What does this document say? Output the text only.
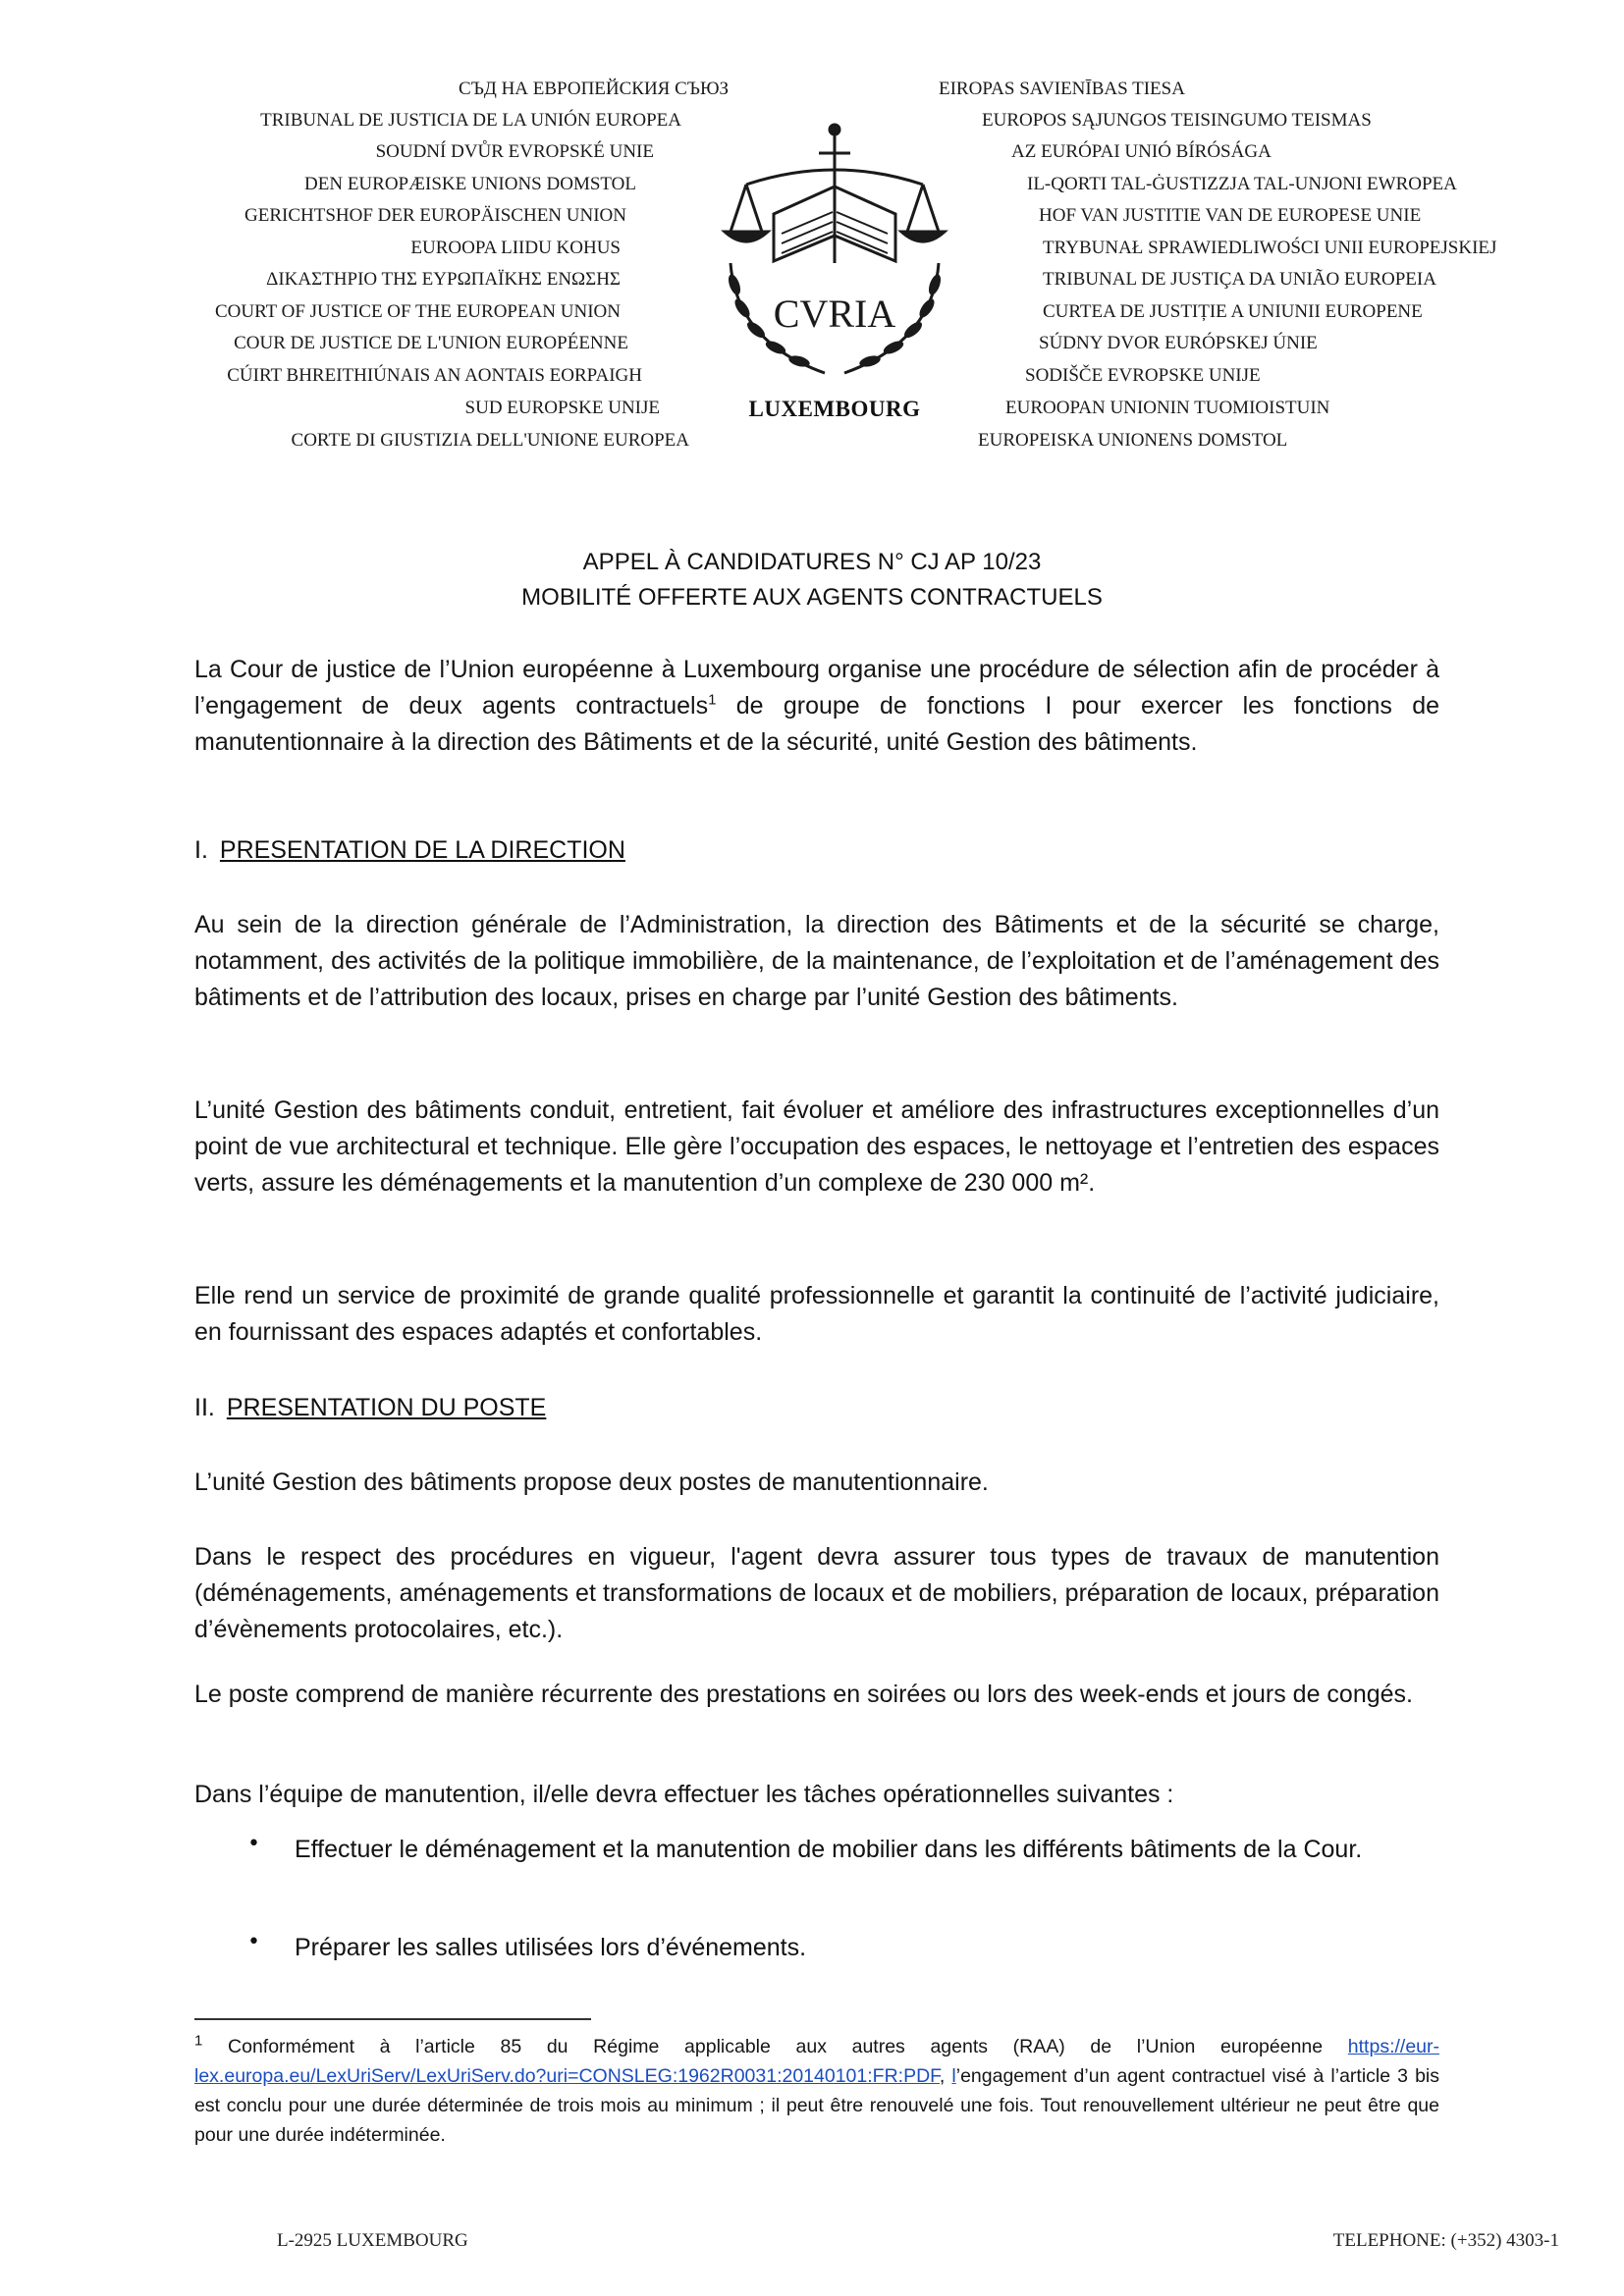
СЪД НА ЕВРОПЕЙСКИЯ СЪЮЗ
TRIBUNAL DE JUSTICIA DE LA UNIÓN EUROPEA
SOUDNÍ DVŮR EVROPSKÉ UNIE
DEN EUROPÆISKE UNIONS DOMSTOL
GERICHTSHOF DER EUROPÄISCHEN UNION
EUROOPA LIIDU KOHUS
ΔΙΚΑΣΤΗΡΙΟ ΤΗΣ ΕΥΡΩΠΑΪΚΗΣ ΕΝΩΣΗΣ
COURT OF JUSTICE OF THE EUROPEAN UNION
COUR DE JUSTICE DE L'UNION EUROPÉENNE
CÚIRT BHREITHIÚNAIS AN AONTAIS EORPAIGH
SUD EUROPSKE UNIJE
CORTE DI GIUSTIZIA DELL'UNIONE EUROPEA
EIROPAS SAVIENĪBAS TIESA
EUROPOS SĄJUNGOS TEISINGUMO TEISMAS
AZ EURÓPAI UNIÓ BÍRÓSÁGA
IL-QORTI TAL-ĠUSTIZZJA TAL-UNJONI EWROPEA
HOF VAN JUSTITIE VAN DE EUROPESE UNIE
TRYBUNAŁ SPRAWIEDLIWOŚCI UNII EUROPEJSKIEJ
TRIBUNAL DE JUSTIÇA DA UNIÃO EUROPEIA
CURTEA DE JUSTIȚIE A UNIUNII EUROPENE
SÚDNY DVOR EURÓPSKEJ ÚNIE
SODIŠČE EVROPSKE UNIJE
EUROOPAN UNIONIN TUOMIOISTUIN
EUROPEISKA UNIONENS DOMSTOL
CVRIA
LUXEMBOURG
APPEL À CANDIDATURES N° CJ AP 10/23
MOBILITÉ OFFERTE AUX AGENTS CONTRACTUELS
La Cour de justice de l’Union européenne à Luxembourg organise une procédure de sélection afin de procéder à l’engagement de deux agents contractuels$^1$ de groupe de fonctions I pour exercer les fonctions de manutentionnaire à la direction des Bâtiments et de la sécurité, unité Gestion des bâtiments.
I. PRESENTATION DE LA DIRECTION
Au sein de la direction générale de l’Administration, la direction des Bâtiments et de la sécurité se charge, notamment, des activités de la politique immobilière, de la maintenance, de l’exploitation et de l’aménagement des bâtiments et de l’attribution des locaux, prises en charge par l’unité Gestion des bâtiments.
L’unité Gestion des bâtiments conduit, entretient, fait évoluer et améliore des infrastructures exceptionnelles d’un point de vue architectural et technique. Elle gère l’occupation des espaces, le nettoyage et l’entretien des espaces verts, assure les déménagements et la manutention d’un complexe de 230 000 m².
Elle rend un service de proximité de grande qualité professionnelle et garantit la continuité de l’activité judiciaire, en fournissant des espaces adaptés et confortables.
II. PRESENTATION DU POSTE
L’unité Gestion des bâtiments propose deux postes de manutentionnaire.
Dans le respect des procédures en vigueur, l'agent devra assurer tous types de travaux de manutention (déménagements, aménagements et transformations de locaux et de mobiliers, préparation de locaux, préparation d’évènements protocolaires, etc.).
Le poste comprend de manière récurrente des prestations en soirées ou lors des week-ends et jours de congés.
Dans l’équipe de manutention, il/elle devra effectuer les tâches opérationnelles suivantes :
•	Effectuer le déménagement et la manutention de mobilier dans les différents bâtiments de la Cour.
•	Préparer les salles utilisées lors d’événements.
$^1$ Conformément à l’article 85 du Régime applicable aux autres agents (RAA) de l’Union européenne https://eur-lex.europa.eu/LexUriServ/LexUriServ.do?uri=CONSLEG:1962R0031:20140101:FR:PDF, l’engagement d’un agent contractuel visé à l’article 3 bis est conclu pour une durée déterminée de trois mois au minimum ; il peut être renouvelé une fois. Tout renouvellement ultérieur ne peut être que pour une durée indéterminée.
L-2925 LUXEMBOURG	TELEPHONE: (+352) 4303-1
